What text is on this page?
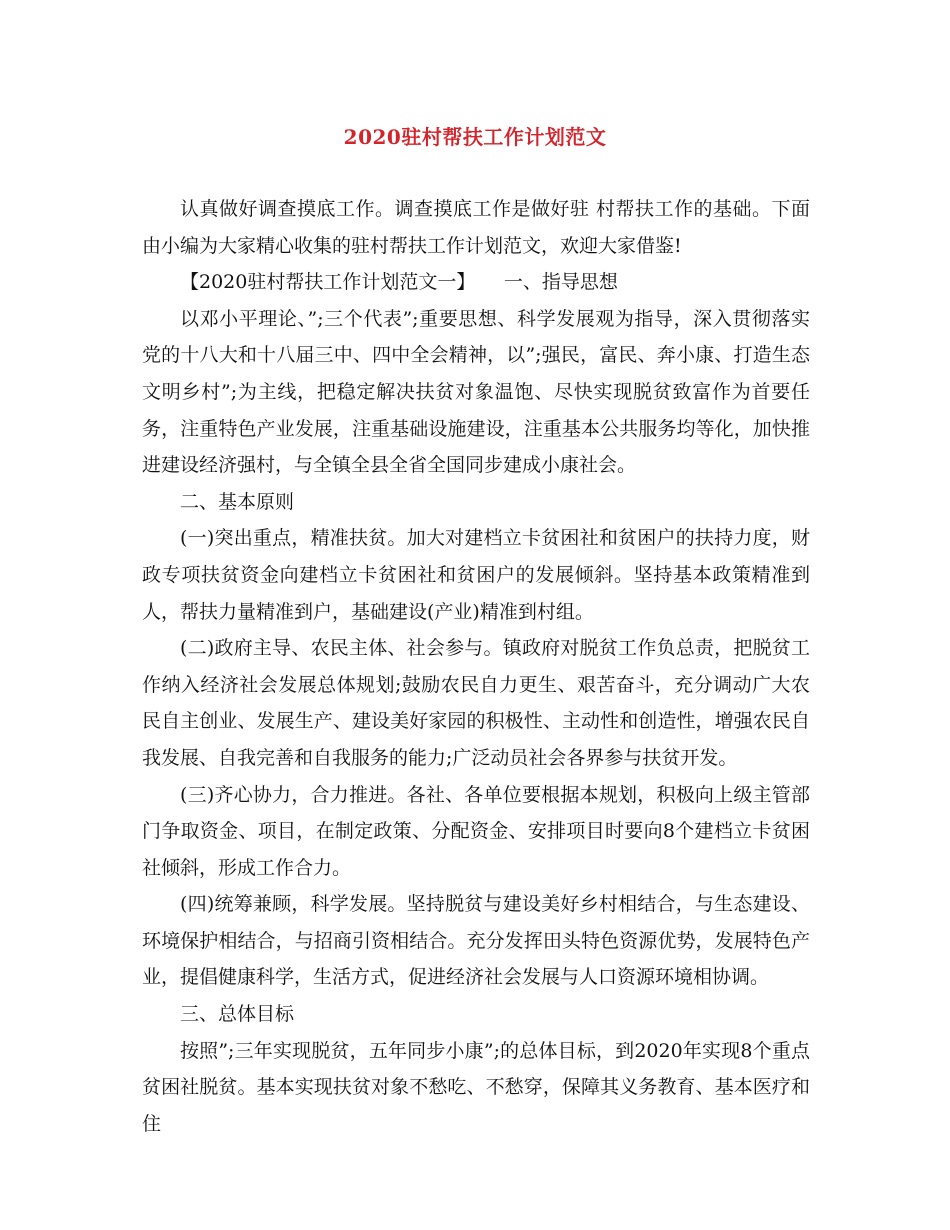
2020驻村帮扶工作计划范文

认真做好调查摸底工作。调查摸底工作是做好驻 村帮扶工作的基础。下面由小编为大家精心收集的驻村帮扶工作计划范文，欢迎大家借鉴!

【2020驻村帮扶工作计划范文一】　　一、指导思想

以邓小平理论、”;三个代表”;重要思想、科学发展观为指导，深入贯彻落实党的十八大和十八届三中、四中全会精神，以”;强民，富民、奔小康、打造生态文明乡村”;为主线，把稳定解决扶贫对象温饱、尽快实现脱贫致富作为首要任务，注重特色产业发展，注重基础设施建设，注重基本公共服务均等化，加快推进建设经济强村，与全镇全县全省全国同步建成小康社会。

二、基本原则

(一)突出重点，精准扶贫。加大对建档立卡贫困社和贫困户的扶持力度，财政专项扶贫资金向建档立卡贫困社和贫困户的发展倾斜。坚持基本政策精准到人，帮扶力量精准到户，基础建设(产业)精准到村组。

(二)政府主导、农民主体、社会参与。镇政府对脱贫工作负总责，把脱贫工作纳入经济社会发展总体规划;鼓励农民自力更生、艰苦奋斗，充分调动广大农民自主创业、发展生产、建设美好家园的积极性、主动性和创造性，增强农民自我发展、自我完善和自我服务的能力;广泛动员社会各界参与扶贫开发。

(三)齐心协力，合力推进。各社、各单位要根据本规划，积极向上级主管部门争取资金、项目，在制定政策、分配资金、安排项目时要向8个建档立卡贫困社倾斜，形成工作合力。

(四)统筹兼顾，科学发展。坚持脱贫与建设美好乡村相结合，与生态建设、环境保护相结合，与招商引资相结合。充分发挥田头特色资源优势，发展特色产业，提倡健康科学，生活方式，促进经济社会发展与人口资源环境相协调。

三、总体目标

按照”;三年实现脱贫，五年同步小康”;的总体目标，到2020年实现8个重点贫困社脱贫。基本实现扶贫对象不愁吃、不愁穿，保障其义务教育、基本医疗和住
